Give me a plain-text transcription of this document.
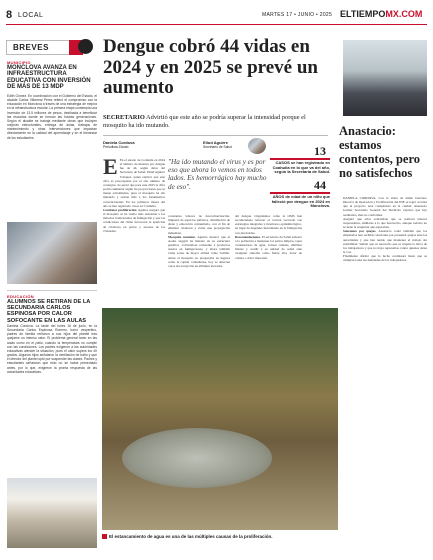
8 LOCAL	MARTES 17 • JUNIO • 2025 ELTIEMPOMX.COM
BREVES
MUNICIPIO
MONCLOVA AVANZA EN INFRAESTRUCTURA EDUCATIVA CON INVERSIÓN DE MÁS DE 13 MDP
Edith Gómez. En coordinación con el Gobierno del Estado, el alcalde Carlos Villarreal Pérez reiteró el compromiso con la educación en Monclova a través de una estrategia de mejora en la infraestructura escolar. La primera etapa contempla una inversión de 13.5 millones de pesos, destinada a beneficiar las escuelas donde se forman las futuras generaciones. Según el alcalde se trabaja mediante obras que incluyen mejoras estructurales, entrega de aulas, trabajos de mantenimiento y otras intervenciones que impactan directamente en la calidad del aprendizaje y en el bienestar de los estudiantes.
EDUCACIÓN
ALUMNOS SE RETIRAN DE LA SECUNDARIA CARLOS ESPINOSA POR CALOR SOFOCANTE EN LAS AULAS
Daniela Cordova. La tarde del lunes 16 de junio, en la Secundaria Carlos Espinosa Romero, turno vespertino, padres de familia retiraron a sus hijos del plantel tras quejarse un intenso calor. El problema general tanto en las aulas como en el patio, cuando la temperatura no cumple con las condiciones. Los padres exigieron a las autoridades educativas atender la situación, pues el calor supera los 40 grados. Algunos hijos señalaron la ventilación de baño y que el director del plantel optó por suspender las clases. Padres y estudiantes señalaron que esto no se había presentado antes, por lo que, exigieron la pronta respuesta de las autoridades educativas.
Dengue cobró 44 vidas en 2024 y en 2025 se prevé un aumento
SECRETARIO Advirtió que este año se podría superar la intensidad porque el mosquito ha ido mutando.
Daniela Cordova
Periodista Zócalo
Eliud Aguirre
Secretario de Salud
E En el estado de Coahuila en 2024 el número de muertes por dengue fue de 44, según datos del Secretario de Salud, Eliud Aguirre Vázquez, quien explicó que esta cifra es preocupante por el alto número de contagios. Se prevé que para este 2025 la cifra podría aumentar según las proyecciones que se tienen actualmente, pues el mosquito ha ido mutando y resiste más a los tratamientos convencionales. En los primeros meses del año se han registrado casos en Coahuila.
Combates proliferación. Aguirre aseguró que el mosquito se ha vuelto más resistente a los métodos tradicionales de fumigación y que las condiciones del clima favorecen la aparición de criaderos en patios y azoteas de las viviendas.
"Ha ido mutando el virus y es por eso que ahora lo vemos en todos lados. Es hemorrágico hay mucho de eso".
constantes labores de descacharrización, limpieza de espacios públicos, distribución de abate y educación comunitaria, con el fin de eliminar criaderos y evitar una propagación inmediata.
Mosquito mutante. Aguirre destacó que el Aedes aegypti ha mutado en su estructura genética, volviéndose resistente a productos usados en fumigaciones, y ahora también visita zonas de mayor altitud como Saltillo. Antes el mosquito no prosperaba en lugares como la capital coahuilense, hoy se detectan casos sin excepción en altitudes elevadas.
del dengue. Organismos como la OMS han recomendado reforzar el control vectorial con estrategias integrales y monitoreo epidemiológico, en lugar de depender únicamente en la fumigación con piretroides.
Recomendaciones. El secretario de Salud exhortó a la población a mantener los patios limpios, tapar contenedores de agua, voltear cubetas, eliminar llantas y acudir a su unidad de salud ante cualquier síntoma como fiebre alta, dolor de cabeza o dolor muscular.
13
CASOS se han registrado en Coahuila en lo que va del año, según la Secretaría de Salud.
44
AÑOS de edad de un niño que falleció por dengue en 2024 en Monclova.
El estancamiento de agua es una de las múltiples causas de la proliferación.
Anastacio: estamos contentos, pero no satisfechos
DANIELA CORDOVA. Con la visita de Jaime Guerrero Director de Operación y Proliferación del INE se logró acordar que el proyecto será completado en la ciudad. Anastacio Gómez Secretario General del Sindicato expresó que hay resultados, mas no conformes.
Aseguró que ellos solicitaban que se realicen labores responsables, similares a lo que han hecho, aunque todavía no se tiene la respuesta que esperaban.
Sanciones por quejas. Anastacio contó también que los empleados han recibido sanciones por presentar quejas ante las autoridades y que han tenido que mantener el trabajo sin estabilidad. Señaló que es necesario que se respete la labor de los trabajadores y que no haya represalias contra quienes alzan la voz.
Finalmente afirmó que la lucha continuará hasta que se cumplan todas las demandas de los trabajadores.
